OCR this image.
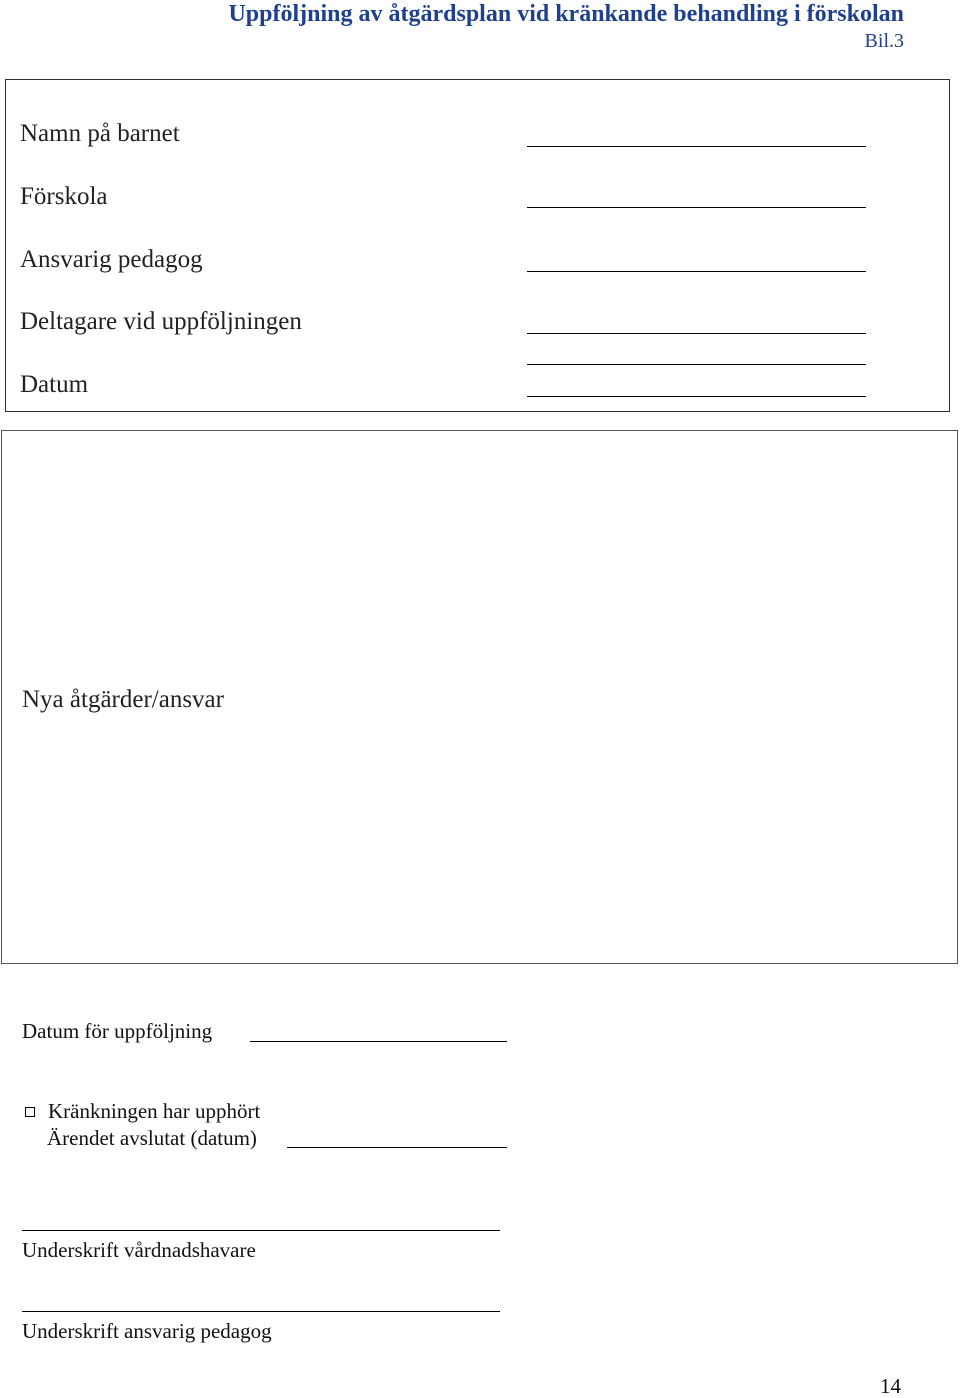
Uppföljning av åtgärdsplan vid kränkande behandling i förskolan
Bil.3
Namn på barnet
Förskola
Ansvarig pedagog
Deltagare vid uppföljningen
Datum
Nya åtgärder/ansvar
Datum för uppföljning
Kränkningen har upphört
Ärendet avslutat (datum)
Underskrift vårdnadshavare
Underskrift ansvarig pedagog
14
